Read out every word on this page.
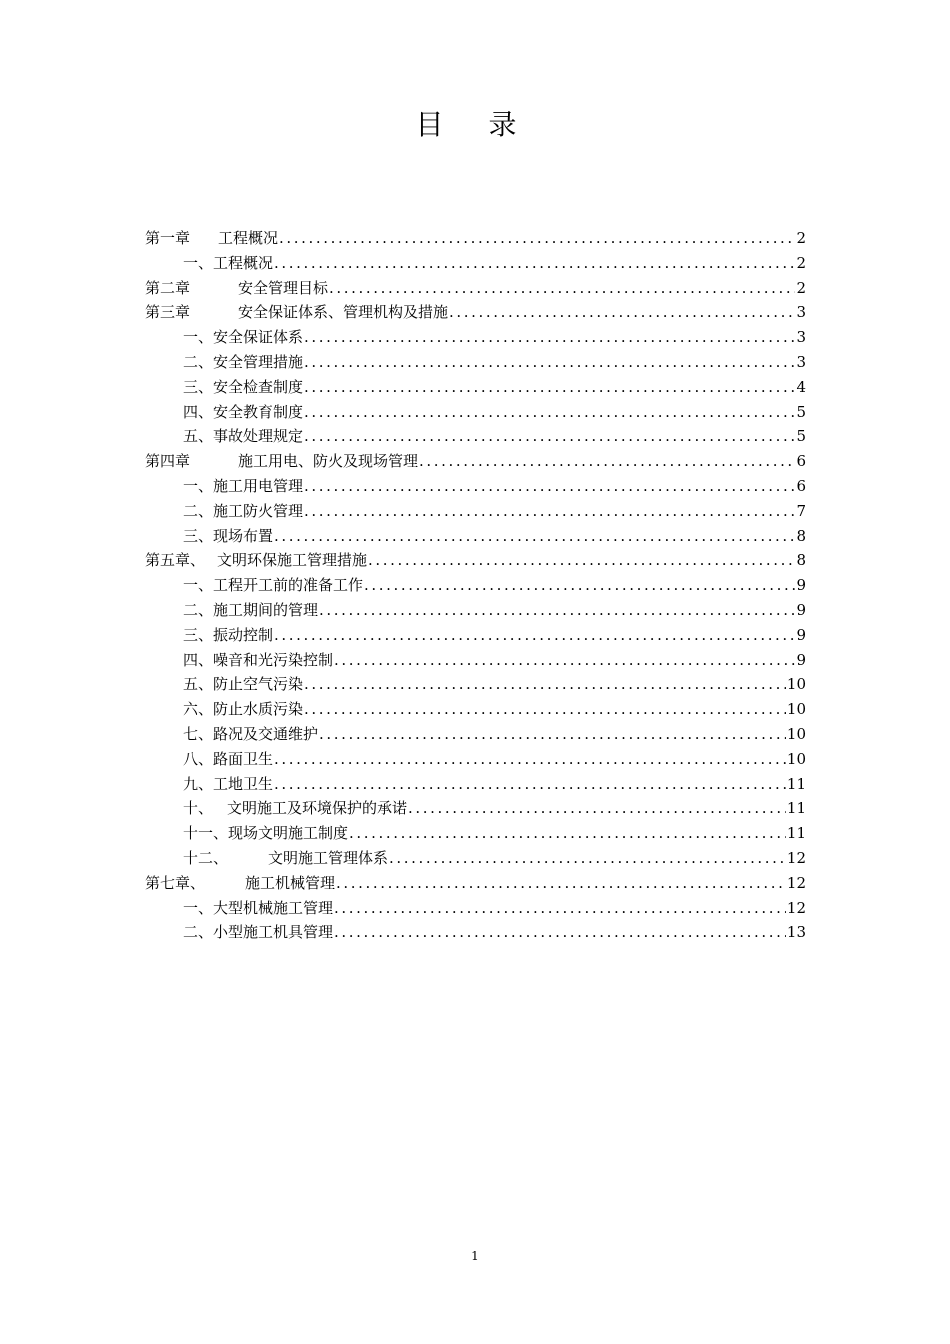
目 录
第一章 工程概况 .....	2
一、工程概况 .....	2
第二章	安全管理目标 .....	2
第三章	安全保证体系、管理机构及措施 .....	3
一、安全保证体系 .....	3
二、安全管理措施 .....	3
三、安全检查制度 .....	4
四、安全教育制度 .....	5
五、事故处理规定 .....	5
第四章	施工用电、防火及现场管理 .....	6
一、施工用电管理 .....	6
二、施工防火管理 .....	7
三、现场布置 .....	8
第五章、 文明环保施工管理措施 .....	8
一、工程开工前的准备工作 .....	9
二、施工期间的管理 .....	9
三、振动控制 .....	9
四、噪音和光污染控制 .....	9
五、防止空气污染 .....	10
六、防止水质污染 .....	10
七、路况及交通维护 .....	10
八、路面卫生 .....	10
九、工地卫生 .....	11
十、 文明施工及环境保护的承诺 .....	11
十一、现场文明施工制度 .....	11
十二、	文明施工管理体系 .....	12
第七章、	施工机械管理 .....	12
一、大型机械施工管理 .....	12
二、小型施工机具管理 .....	13
1
